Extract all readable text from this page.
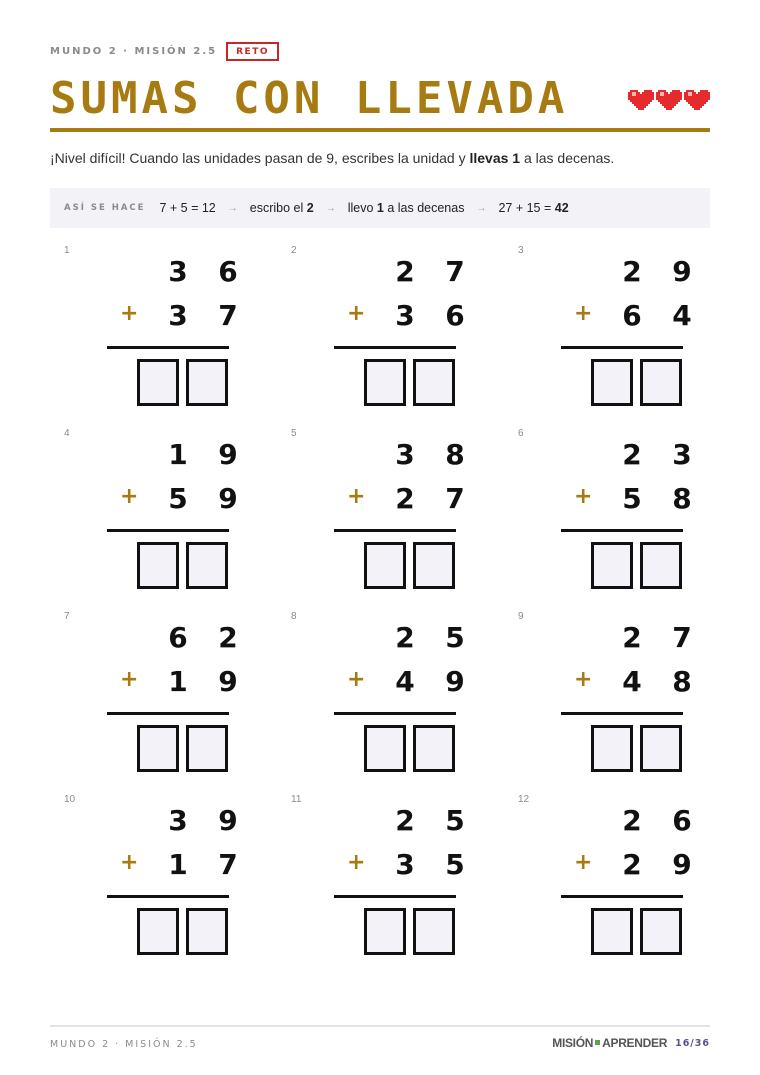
MUNDO 2 · MISIÓN 2.5	RETO
SUMAS CON LLEVADA

¡Nivel difícil! Cuando las unidades pasan de 9, escribes la unidad y llevas 1 a las decenas.

ASÍ SE HACE 7 + 5 = 12 → escribo el 2 → llevo 1 a las decenas → 27 + 15 = 42
1
3	6
+	3	7
2
2	7
+	3	6
3
2	9
+	6	4
4
1	9
+	5	9
5
3	8
+	2	7
6
2	3
+	5	8
7
6	2
+	1	9
8
2	5
+	4	9
9
2	7
+	4	8
10
3	9
+	1	7
11
2	5
+	3	5
12
2	6
+	2	9
MUNDO 2 · MISIÓN 2.5	MISIÓN APRENDER 16/36
